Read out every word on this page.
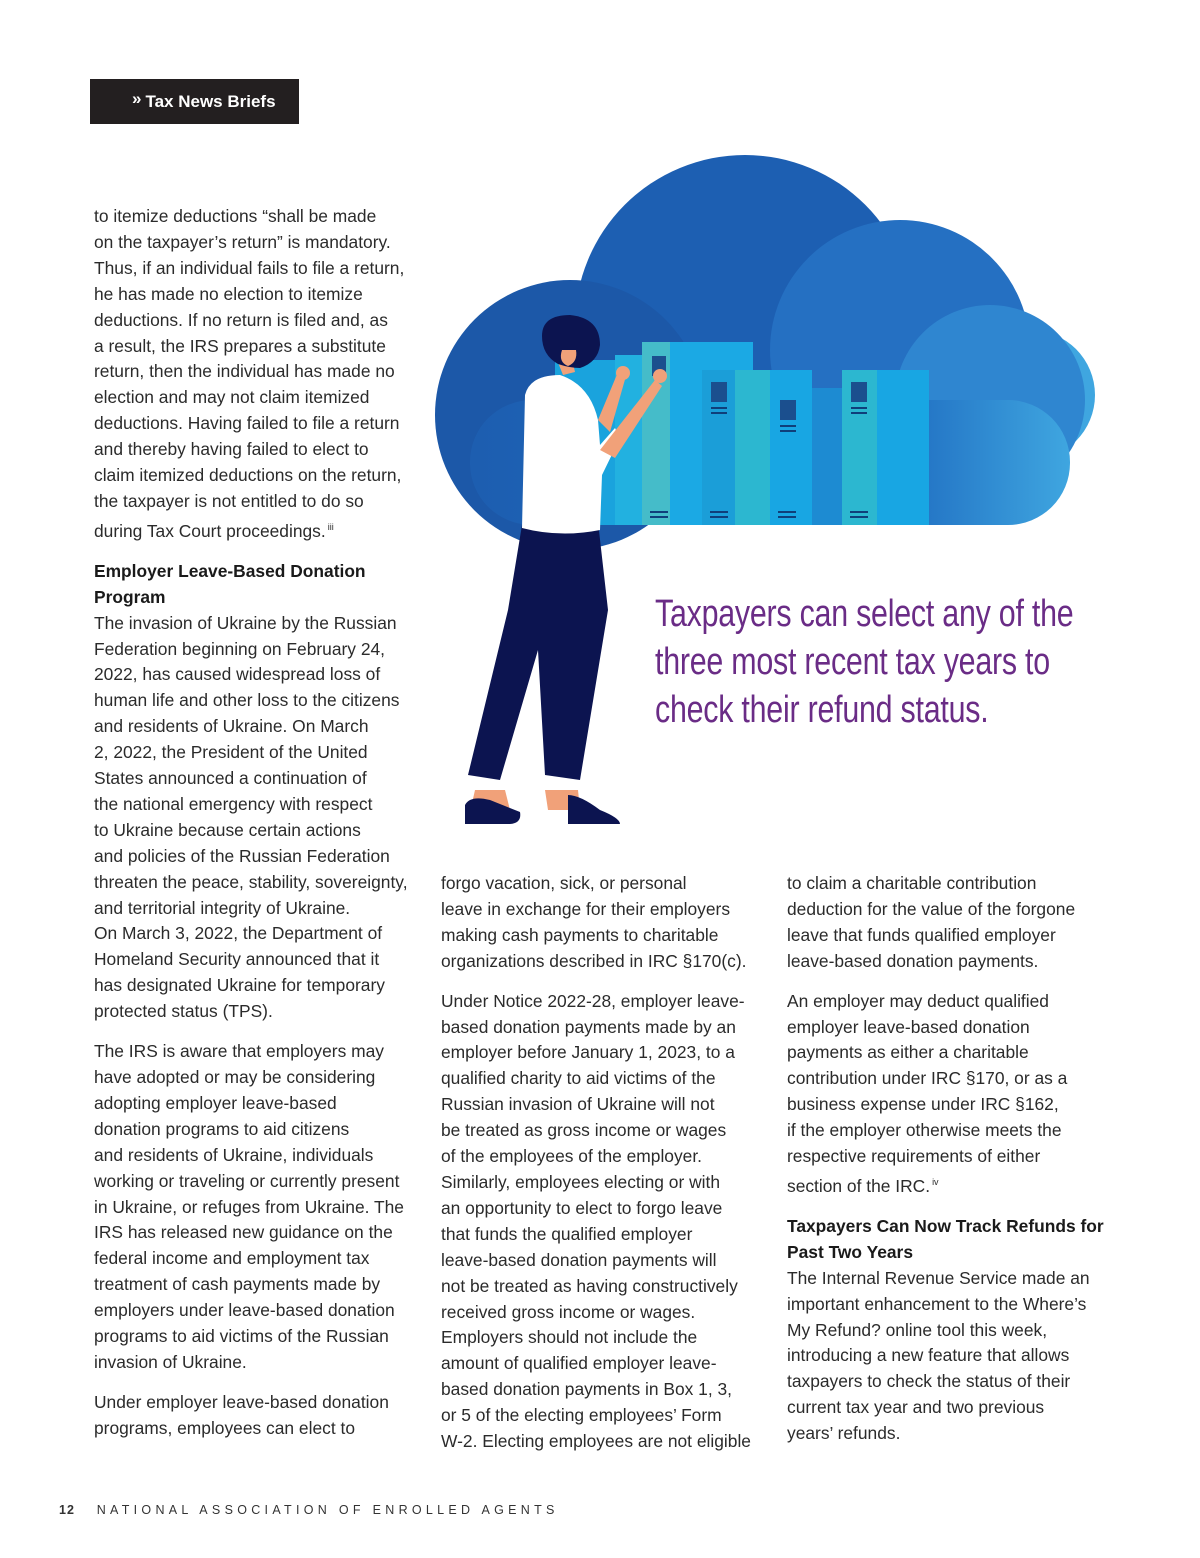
» Tax News Briefs
Taxpayers can select any of the
three most recent tax years to
check their refund status.

to itemize deductions “shall be made
on the taxpayer’s return” is mandatory.
Thus, if an individual fails to file a return,
he has made no election to itemize
deductions. If no return is filed and, as
a result, the IRS prepares a substitute
return, then the individual has made no
election and may not claim itemized
deductions. Having failed to file a return
and thereby having failed to elect to
claim itemized deductions on the return,
the taxpayer is not entitled to do so
during Tax Court proceedings. $^{iii}$

Employer Leave-Based Donation
Program

The invasion of Ukraine by the Russian
Federation beginning on February 24,
2022, has caused widespread loss of
human life and other loss to the citizens
and residents of Ukraine. On March
2, 2022, the President of the United
States announced a continuation of
the national emergency with respect
to Ukraine because certain actions
and policies of the Russian Federation
threaten the peace, stability, sovereignty,
and territorial integrity of Ukraine.
On March 3, 2022, the Department of
Homeland Security announced that it
has designated Ukraine for temporary
protected status (TPS).

The IRS is aware that employers may
have adopted or may be considering
adopting employer leave-based
donation programs to aid citizens
and residents of Ukraine, individuals
working or traveling or currently present
in Ukraine, or refuges from Ukraine. The
IRS has released new guidance on the
federal income and employment tax
treatment of cash payments made by
employers under leave-based donation
programs to aid victims of the Russian
invasion of Ukraine.

Under employer leave-based donation
programs, employees can elect to

forgo vacation, sick, or personal
leave in exchange for their employers
making cash payments to charitable
organizations described in IRC §170(c).

Under Notice 2022-28, employer leave-
based donation payments made by an
employer before January 1, 2023, to a
qualified charity to aid victims of the
Russian invasion of Ukraine will not
be treated as gross income or wages
of the employees of the employer.
Similarly, employees electing or with
an opportunity to elect to forgo leave
that funds the qualified employer
leave-based donation payments will
not be treated as having constructively
received gross income or wages.
Employers should not include the
amount of qualified employer leave-
based donation payments in Box 1, 3,
or 5 of the electing employees’ Form
W-2. Electing employees are not eligible

to claim a charitable contribution
deduction for the value of the forgone
leave that funds qualified employer
leave-based donation payments.

An employer may deduct qualified
employer leave-based donation
payments as either a charitable
contribution under IRC §170, or as a
business expense under IRC §162,
if the employer otherwise meets the
respective requirements of either
section of the IRC. $^{iv}$

Taxpayers Can Now Track Refunds for
Past Two Years

The Internal Revenue Service made an
important enhancement to the Where’s
My Refund? online tool this week,
introducing a new feature that allows
taxpayers to check the status of their
current tax year and two previous
years’ refunds.

12 NATIONAL ASSOCIATION OF ENROLLED AGENTS
